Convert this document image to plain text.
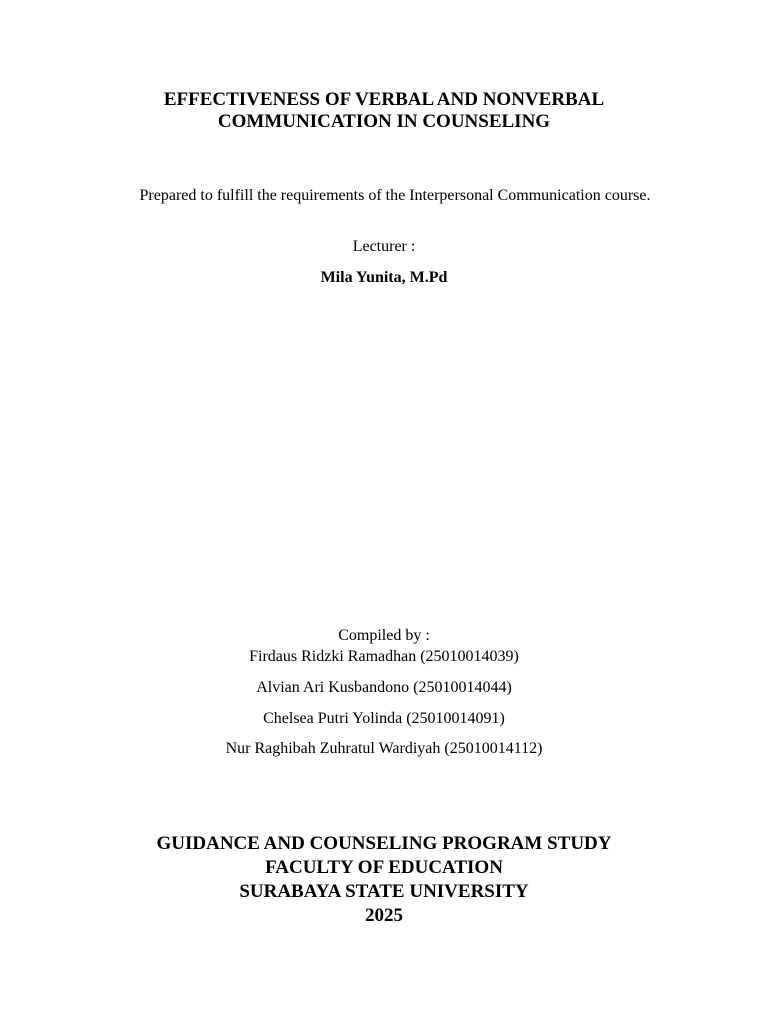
EFFECTIVENESS OF VERBAL AND NONVERBAL
COMMUNICATION IN COUNSELING
Prepared to fulfill the requirements of the Interpersonal Communication course.
Lecturer :
Mila Yunita, M.Pd
Compiled by :
Firdaus Ridzki Ramadhan (25010014039)
Alvian Ari Kusbandono (25010014044)
Chelsea Putri Yolinda (25010014091)
Nur Raghibah Zuhratul Wardiyah (25010014112)
GUIDANCE AND COUNSELING PROGRAM STUDY
FACULTY OF EDUCATION
SURABAYA STATE UNIVERSITY
2025
